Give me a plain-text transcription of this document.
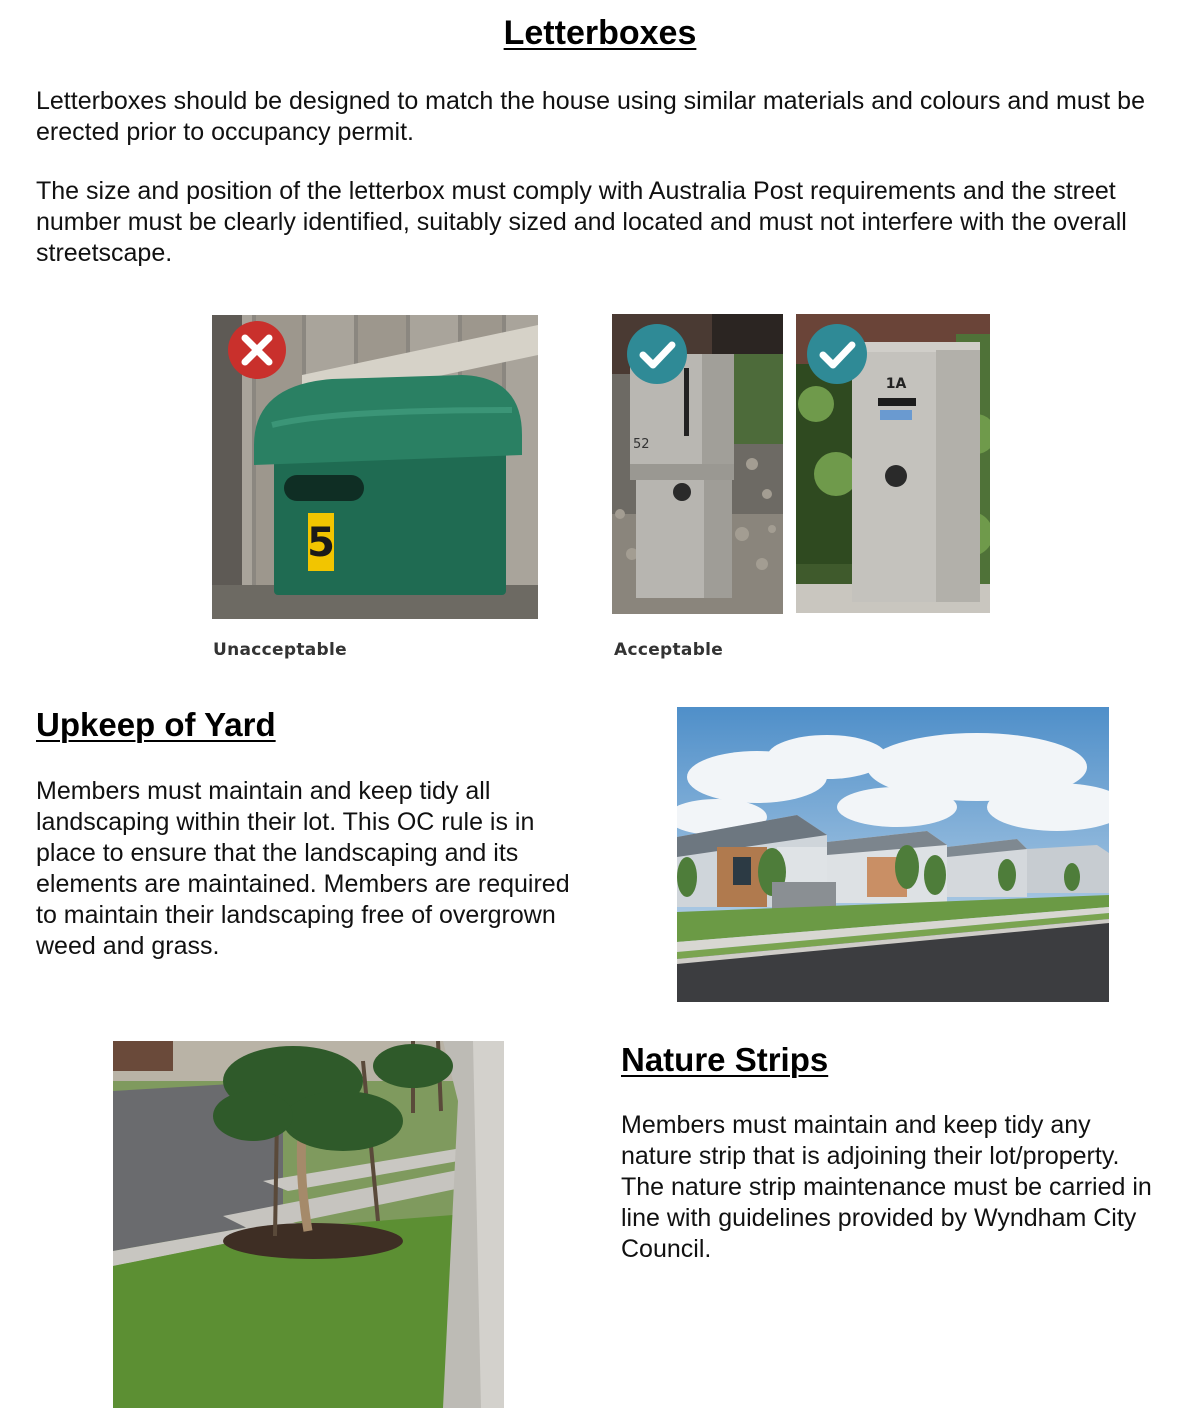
Letterboxes

Letterboxes should be designed to match the house using similar materials and colours and must be erected prior to occupancy permit.

The size and position of the letterbox must comply with Australia Post requirements and the street number must be clearly identified, suitably sized and located and must not interfere with the overall streetscape.

5
52
1A
Unacceptable	Acceptable
Upkeep of Yard

Members must maintain and keep tidy all landscaping within their lot. This OC rule is in place to ensure that the landscaping and its elements are maintained. Members are required to maintain their landscaping free of overgrown weed and grass.

Nature Strips

Members must maintain and keep tidy any nature strip that is adjoining their lot/property. The nature strip maintenance must be carried in line with guidelines provided by Wyndham City Council.
